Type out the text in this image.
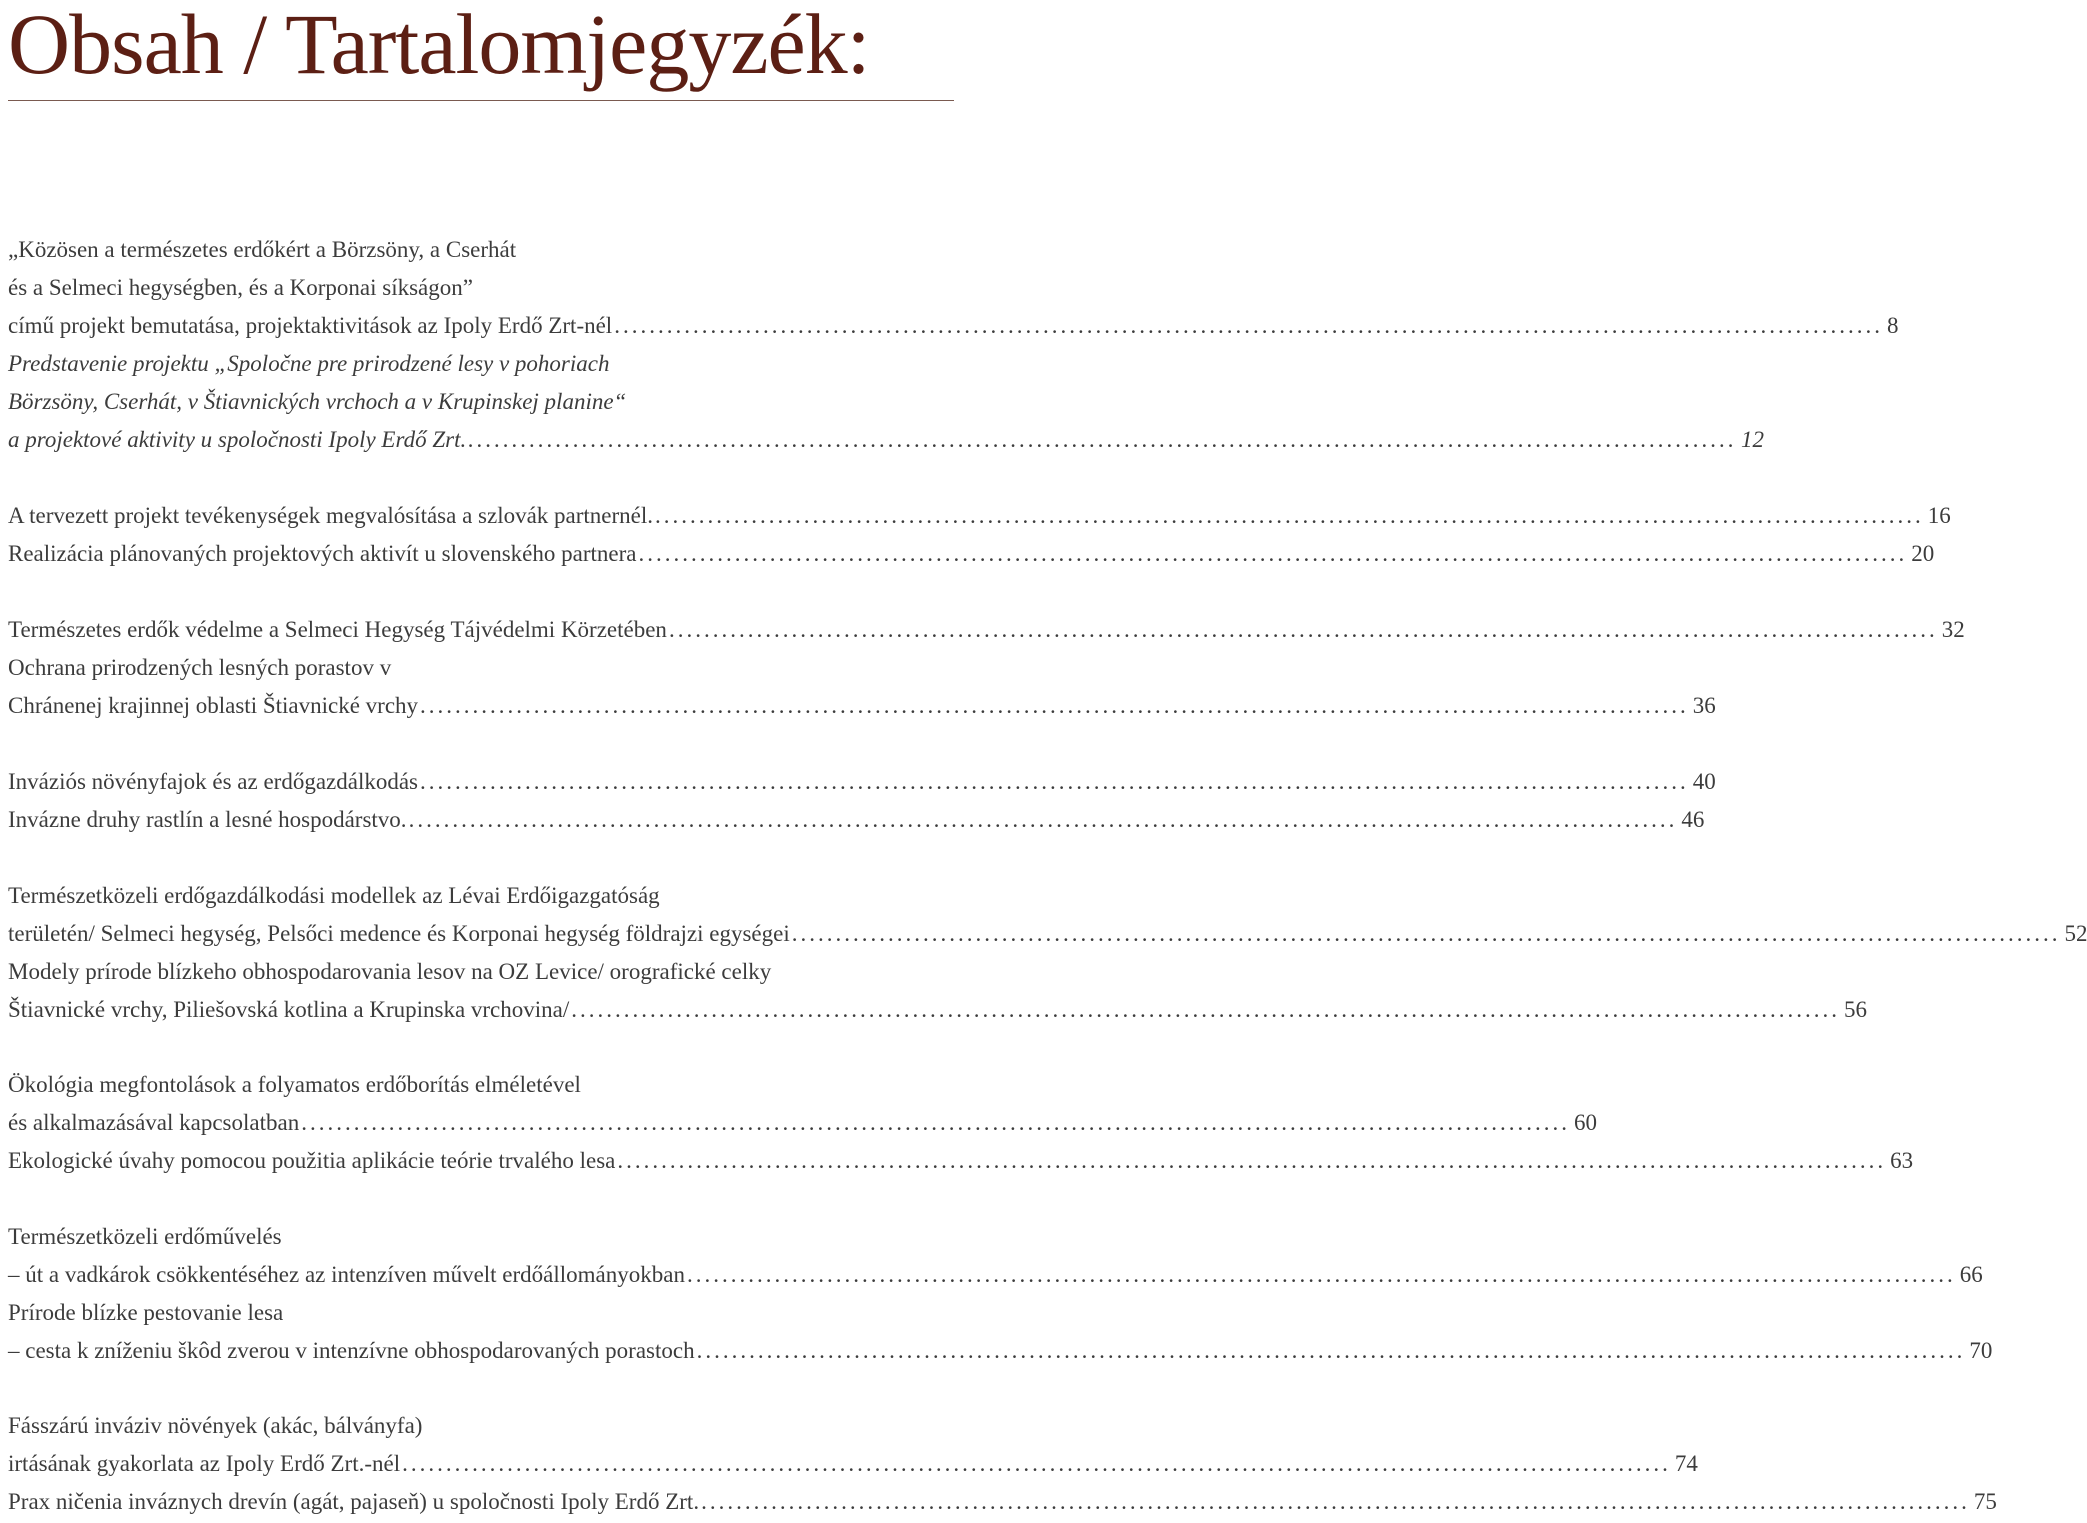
Obsah / Tartalomjegyzék:
„Közösen a természetes erdőkért a Börzsöny, a Cserhát
és a Selmeci hegységben, és a Korponai síkságon”
című projekt bemutatása, projektaktivitások az Ipoly Erdő Zrt-nél ................................................................................................................................................. 8
Predstavenie projektu „Spoločne pre prirodzené lesy v pohoriach
Börzsöny, Cserhát, v Štiavnických vrchoch a v Krupinskej planine“
a projektové aktivity u spoločnosti Ipoly Erdő Zrt. ................................................................................................................................................. 12
A tervezett projekt tevékenységek megvalósítása a szlovák partnernél. ................................................................................................................................................. 16
Realizácia plánovaných projektových aktivít u slovenského partnera ................................................................................................................................................. 20
Természetes erdők védelme a Selmeci Hegység Tájvédelmi Körzetében ................................................................................................................................................. 32
Ochrana prirodzených lesných porastov v
Chránenej krajinnej oblasti Štiavnické vrchy ................................................................................................................................................. 36
Inváziós növényfajok és az erdőgazdálkodás ................................................................................................................................................. 40
Invázne druhy rastlín a lesné hospodárstvo. ................................................................................................................................................. 46
Természetközeli erdőgazdálkodási modellek az Lévai Erdőigazgatóság
területén/ Selmeci hegység, Pelsőci medence és Korponai hegység földrajzi egységei ................................................................................................................................................. 52
Modely prírode blízkeho obhospodarovania lesov na OZ Levice/ orografické celky
Štiavnické vrchy, Piliešovská kotlina a Krupinska vrchovina/ ................................................................................................................................................. 56
Ökológia megfontolások a folyamatos erdőborítás elméletével
és alkalmazásával kapcsolatban ................................................................................................................................................. 60
Ekologické úvahy pomocou použitia aplikácie teórie trvalého lesa ................................................................................................................................................. 63
Természetközeli erdőművelés
– út a vadkárok csökkentéséhez az intenzíven művelt erdőállományokban ................................................................................................................................................. 66
Prírode blízke pestovanie lesa
– cesta k zníženiu škôd zverou v intenzívne obhospodarovaných porastoch ................................................................................................................................................. 70
Fásszárú inváziv növények (akác, bálványfa)
irtásának gyakorlata az Ipoly Erdő Zrt.-nél ................................................................................................................................................. 74
Prax ničenia inváznych drevín (agát, pajaseň) u spoločnosti Ipoly Erdő Zrt. ................................................................................................................................................. 75
